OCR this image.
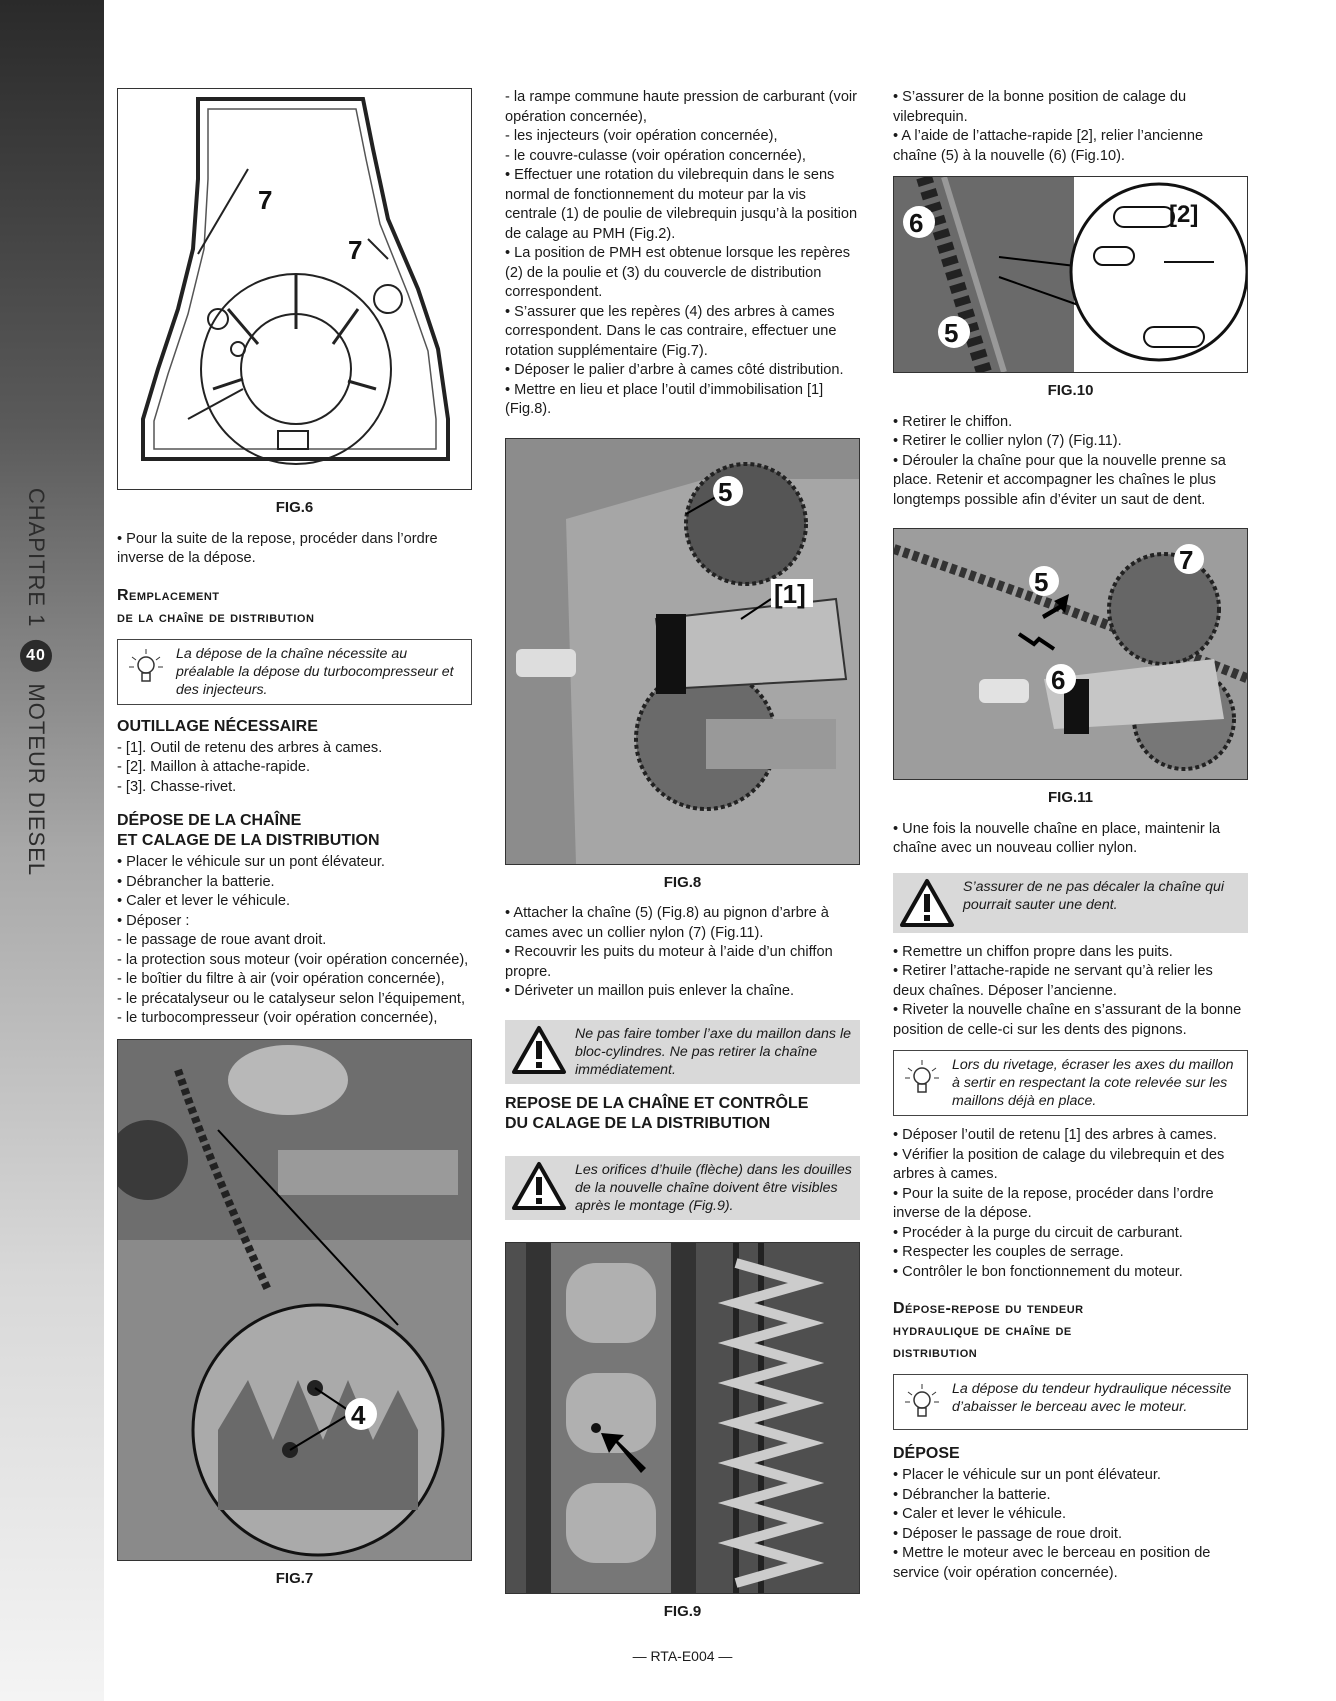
CHAPITRE 1
40
MOTEUR DIESEL
7
7
FIG.6

• Pour la suite de la repose, procéder dans l’ordre inverse de la dépose.

Remplacement
de la chaîne de distribution
La dépose de la chaîne nécessite au préalable la dépose du turbocompresseur et des injecteurs.
OUTILLAGE NÉCESSAIRE

- [1]. Outil de retenu des arbres à cames.

- [2]. Maillon à attache-rapide.

- [3]. Chasse-rivet.

DÉPOSE DE LA CHAÎNE
ET CALAGE DE LA DISTRIBUTION

• Placer le véhicule sur un pont élévateur.

• Débrancher la batterie.

• Caler et lever le véhicule.

• Déposer :

- le passage de roue avant droit.

- la protection sous moteur (voir opération concernée),

- le boîtier du filtre à air (voir opération concernée),

- le précatalyseur ou le catalyseur selon l’équipement,

- le turbocompresseur (voir opération concernée),

4
FIG.7

- la rampe commune haute pression de carburant (voir opération concernée),

- les injecteurs (voir opération concernée),

- le couvre-culasse (voir opération concernée),

• Effectuer une rotation du vilebrequin dans le sens normal de fonctionnement du moteur par la vis centrale (1) de poulie de vilebrequin jusqu’à la position de calage au PMH (Fig.2).

• La position de PMH est obtenue lorsque les repères (2) de la poulie et (3) du couvercle de distribution correspondent.

• S’assurer que les repères (4) des arbres à cames correspondent. Dans le cas contraire, effectuer une rotation supplémentaire (Fig.7).

• Déposer le palier d’arbre à cames côté distribution.

• Mettre en lieu et place l’outil d’immobilisation [1] (Fig.8).

5
[1]
FIG.8

• Attacher la chaîne (5) (Fig.8) au pignon d’arbre à cames avec un collier nylon (7) (Fig.11).

• Recouvrir les puits du moteur à l’aide d’un chiffon propre.

• Dériveter un maillon puis enlever la chaîne.

Ne pas faire tomber l’axe du maillon dans le bloc-cylindres. Ne pas retirer la chaîne immédiatement.
REPOSE DE LA CHAÎNE ET CONTRÔLE
DU CALAGE DE LA DISTRIBUTION
Les orifices d’huile (flèche) dans les douilles de la nouvelle chaîne doivent être visibles après le montage (Fig.9).
FIG.9

• S’assurer de la bonne position de calage du vilebrequin.

• A l’aide de l’attache-rapide [2], relier l’ancienne chaîne (5) à la nouvelle (6) (Fig.10).

6
5
[2]
FIG.10

• Retirer le chiffon.

• Retirer le collier nylon (7) (Fig.11).

• Dérouler la chaîne pour que la nouvelle prenne sa place. Retenir et accompagner les chaînes le plus longtemps possible afin d’éviter un saut de dent.

5
7
6
FIG.11

• Une fois la nouvelle chaîne en place, maintenir la chaîne avec un nouveau collier nylon.

S’assurer de ne pas décaler la chaîne qui pourrait sauter une dent.

• Remettre un chiffon propre dans les puits.

• Retirer l’attache-rapide ne servant qu’à relier les deux chaînes. Déposer l’ancienne.

• Riveter la nouvelle chaîne en s’assurant de la bonne position de celle-ci sur les dents des pignons.

Lors du rivetage, écraser les axes du maillon à sertir en respectant la cote relevée sur les maillons déjà en place.

• Déposer l’outil de retenu [1] des arbres à cames.

• Vérifier la position de calage du vilebrequin et des arbres à cames.

• Pour la suite de la repose, procéder dans l’ordre inverse de la dépose.

• Procéder à la purge du circuit de carburant.

• Respecter les couples de serrage.

• Contrôler le bon fonctionnement du moteur.

Dépose-repose du tendeur
hydraulique de chaîne de
distribution
La dépose du tendeur hydraulique nécessite d’abaisser le berceau avec le moteur.
DÉPOSE

• Placer le véhicule sur un pont élévateur.

• Débrancher la batterie.

• Caler et lever le véhicule.

• Déposer le passage de roue droit.

• Mettre le moteur avec le berceau en position de service (voir opération concernée).

— RTA-E004 —
